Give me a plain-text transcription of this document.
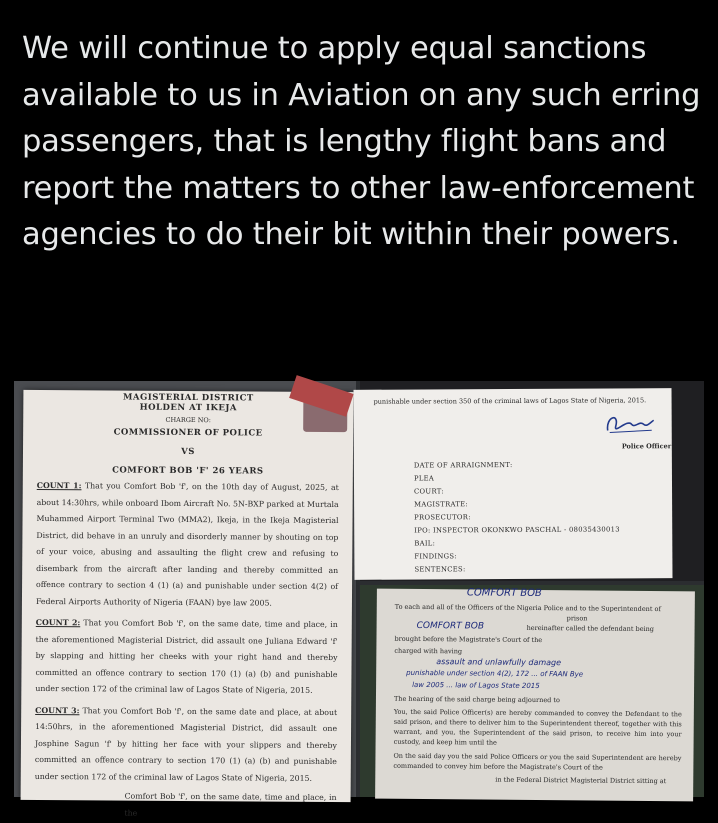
We will continue to apply equal sanctions available to us in Aviation on any such erring passengers, that is lengthy flight bans and report the matters to other law-enforcement agencies to do their bit within their powers.
MAGISTERIAL DISTRICT
HOLDEN AT IKEJA
CHARGE NO:
COMMISSIONER OF POLICE
VS
COMFORT BOB 'F' 26 YEARS
COUNT 1: That you Comfort Bob 'f', on the 10th day of August, 2025, at about 14:30hrs, while onboard Ibom Aircraft No. 5N-BXP parked at Murtala Muhammed Airport Terminal Two (MMA2), Ikeja, in the Ikeja Magisterial District, did behave in an unruly and disorderly manner by shouting on top of your voice, abusing and assaulting the flight crew and refusing to disembark from the aircraft after landing and thereby committed an offence contrary to section 4 (1) (a) and punishable under section 4(2) of Federal Airports Authority of Nigeria (FAAN) bye law 2005.
COUNT 2: That you Comfort Bob 'f', on the same date, time and place, in the aforementioned Magisterial District, did assault one Juliana Edward 'f' by slapping and hitting her cheeks with your right hand and thereby committed an offence contrary to section 170 (1) (a) (b) and punishable under section 172 of the criminal law of Lagos State of Nigeria, 2015.
COUNT 3: That you Comfort Bob 'f', on the same date and place, at about 14:50hrs, in the aforementioned Magisterial District, did assault one Josphine Sagun 'f' by hitting her face with your slippers and thereby committed an offence contrary to section 170 (1) (a) (b) and punishable under section 172 of the criminal law of Lagos State of Nigeria, 2015.
Comfort Bob 'f', on the same date, time and place, in the
punishable under section 350 of the criminal laws of Lagos State of Nigeria, 2015.
Police Officer
DATE OF ARRAIGNMENT:
PLEA
COURT:
MAGISTRATE:
PROSECUTOR:
IPO: INSPECTOR OKONKWO PASCHAL - 08035430013
BAIL:
FINDINGS:
SENTENCES:
COMFORT BOB
To each and all of the Officers of the Nigeria Police and to the Superintendent of
prison
COMFORT BOB	hereinafter called the defendant being
brought before the Magistrate's Court of the
charged with having
assault and unlawfully damage
punishable under section 4(2), 172 ... of FAAN Bye
law 2005 ... law of Lagos State 2015
The hearing of the said charge being adjourned to
You, the said Police Officer(s) are hereby commanded to convey the Defendant to the said prison, and there to deliver him to the Superintendent thereof, together with this warrant, and you, the Superintendent of the said prison, to receive him into your custody, and keep him until the
On the said day you the said Police Officers or you the said Superintendent are hereby commanded to convey him before the Magistrate's Court of the
in the Federal District Magisterial District sitting at
